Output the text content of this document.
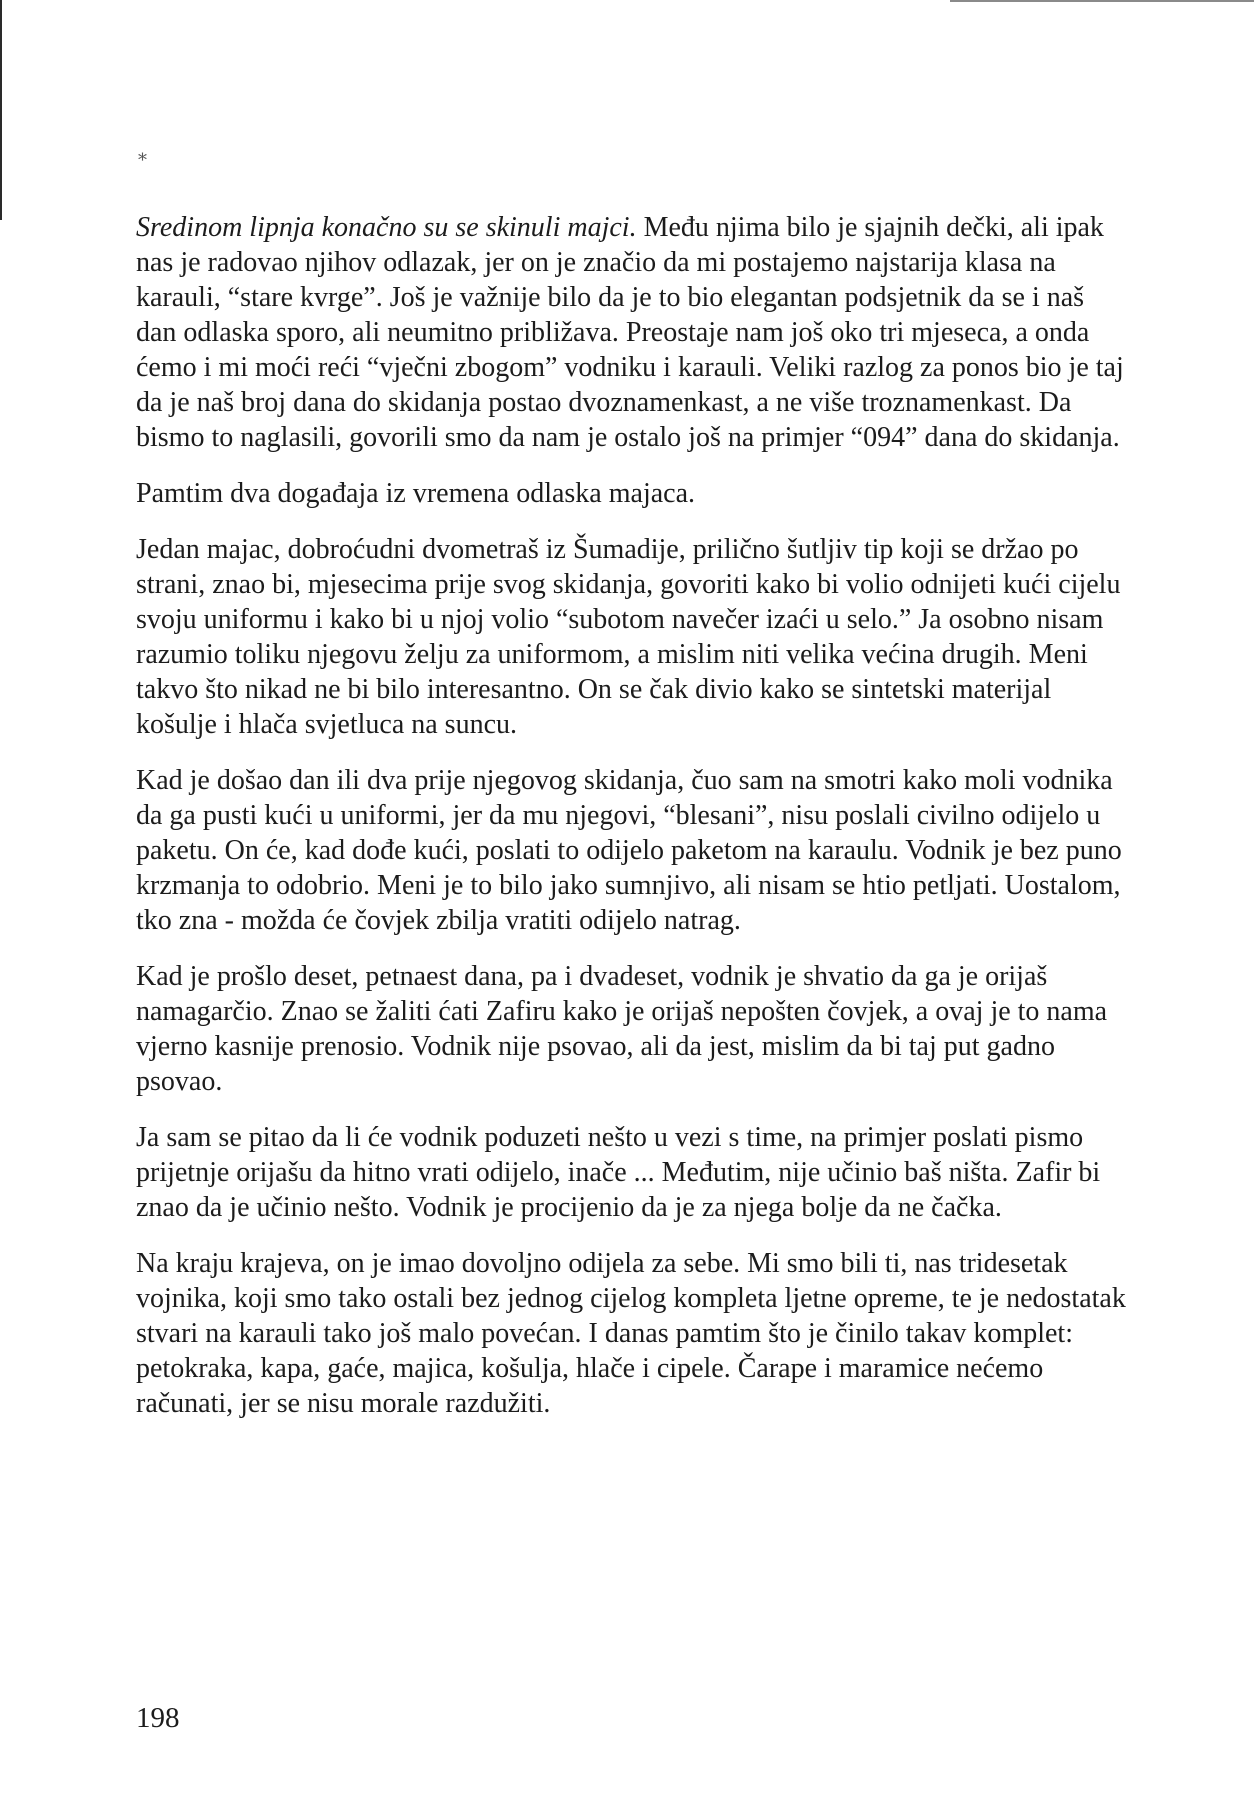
*

Sredinom lipnja konačno su se skinuli majci. Među njima bilo je sjajnih dečki, ali ipak nas je radovao njihov odlazak, jer on je značio da mi postajemo najstarija klasa na karauli, “stare kvrge”. Još je važnije bilo da je to bio elegantan podsjetnik da se i naš dan odlaska sporo, ali neumitno približava. Preostaje nam još oko tri mjeseca, a onda ćemo i mi moći reći “vječni zbogom” vodniku i karauli. Veliki razlog za ponos bio je taj da je naš broj dana do skidanja postao dvoznamenkast, a ne više troznamenkast. Da bismo to naglasili, govorili smo da nam je ostalo još na primjer “094” dana do skidanja.

Pamtim dva događaja iz vremena odlaska majaca.

Jedan majac, dobroćudni dvometraš iz Šumadije, prilično šutljiv tip koji se držao po strani, znao bi, mjesecima prije svog skidanja, govoriti kako bi volio odnijeti kući cijelu svoju uniformu i kako bi u njoj volio “subotom navečer izaći u selo.” Ja osobno nisam razumio toliku njegovu želju za uniformom, a mislim niti velika većina drugih. Meni takvo što nikad ne bi bilo interesantno. On se čak divio kako se sintetski materijal košulje i hlača svjetluca na suncu.

Kad je došao dan ili dva prije njegovog skidanja, čuo sam na smotri kako moli vodnika da ga pusti kući u uniformi, jer da mu njegovi, “blesani”, nisu poslali civilno odijelo u paketu. On će, kad dođe kući, poslati to odijelo paketom na karaulu. Vodnik je bez puno krzmanja to odobrio. Meni je to bilo jako sumnjivo, ali nisam se htio petljati. Uostalom, tko zna - možda će čovjek zbilja vratiti odijelo natrag.

Kad je prošlo deset, petnaest dana, pa i dvadeset, vodnik je shvatio da ga je orijaš namagarčio. Znao se žaliti ćati Zafiru kako je orijaš nepošten čovjek, a ovaj je to nama vjerno kasnije prenosio. Vodnik nije psovao, ali da jest, mislim da bi taj put gadno psovao.

Ja sam se pitao da li će vodnik poduzeti nešto u vezi s time, na primjer poslati pismo prijetnje orijašu da hitno vrati odijelo, inače ... Međutim, nije učinio baš ništa. Zafir bi znao da je učinio nešto. Vodnik je procijenio da je za njega bolje da ne čačka.

Na kraju krajeva, on je imao dovoljno odijela za sebe. Mi smo bili ti, nas tridesetak vojnika, koji smo tako ostali bez jednog cijelog kompleta ljetne opreme, te je nedostatak stvari na karauli tako još malo povećan. I danas pamtim što je činilo takav komplet: petokraka, kapa, gaće, majica, košulja, hlače i cipele. Čarape i maramice nećemo računati, jer se nisu morale razdužiti.

198
